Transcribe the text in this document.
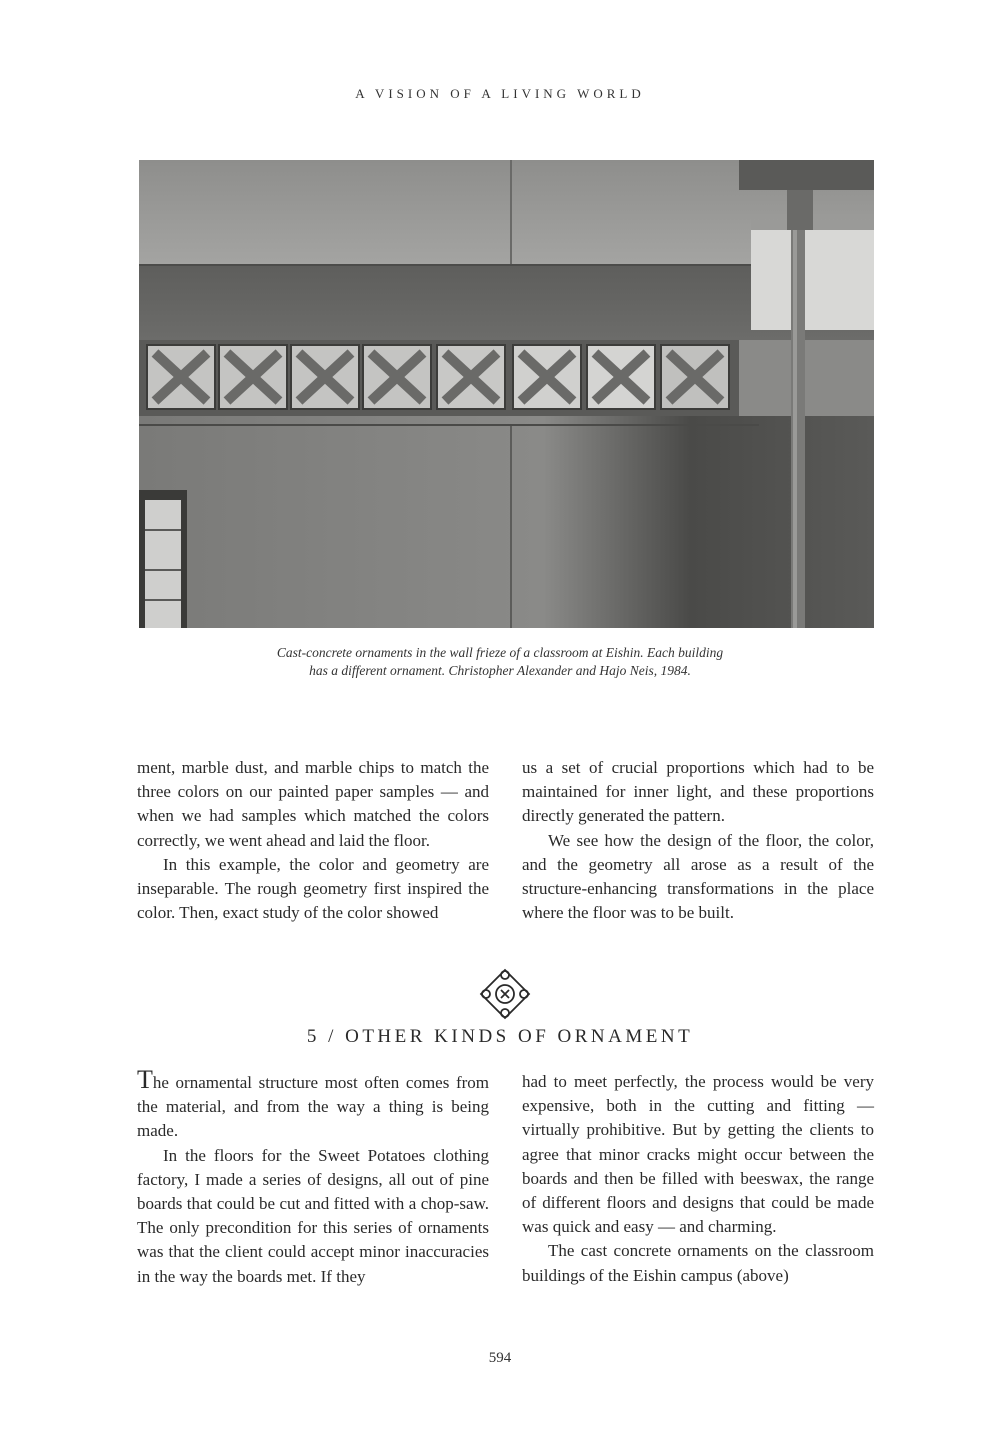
A VISION OF A LIVING WORLD
Cast-concrete ornaments in the wall frieze of a classroom at Eishin. Each building
has a different ornament. Christopher Alexander and Hajo Neis, 1984.

ment, marble dust, and marble chips to match the three colors on our painted paper samples — and when we had samples which matched the colors correctly, we went ahead and laid the floor.

In this example, the color and geometry are inseparable. The rough geometry first inspired the color. Then, exact study of the color showed

us a set of crucial proportions which had to be maintained for inner light, and these proportions directly generated the pattern.

We see how the design of the floor, the color, and the geometry all arose as a result of the structure-enhancing transformations in the place where the floor was to be built.

5 / OTHER KINDS OF ORNAMENT

The ornamental structure most often comes from the material, and from the way a thing is being made.

In the floors for the Sweet Potatoes clothing factory, I made a series of designs, all out of pine boards that could be cut and fitted with a chop-saw. The only precondition for this series of ornaments was that the client could accept minor inaccuracies in the way the boards met. If they

had to meet perfectly, the process would be very expensive, both in the cutting and fitting — virtually prohibitive. But by getting the clients to agree that minor cracks might occur between the boards and then be filled with beeswax, the range of different floors and designs that could be made was quick and easy — and charming.

The cast concrete ornaments on the classroom buildings of the Eishin campus (above)

594
